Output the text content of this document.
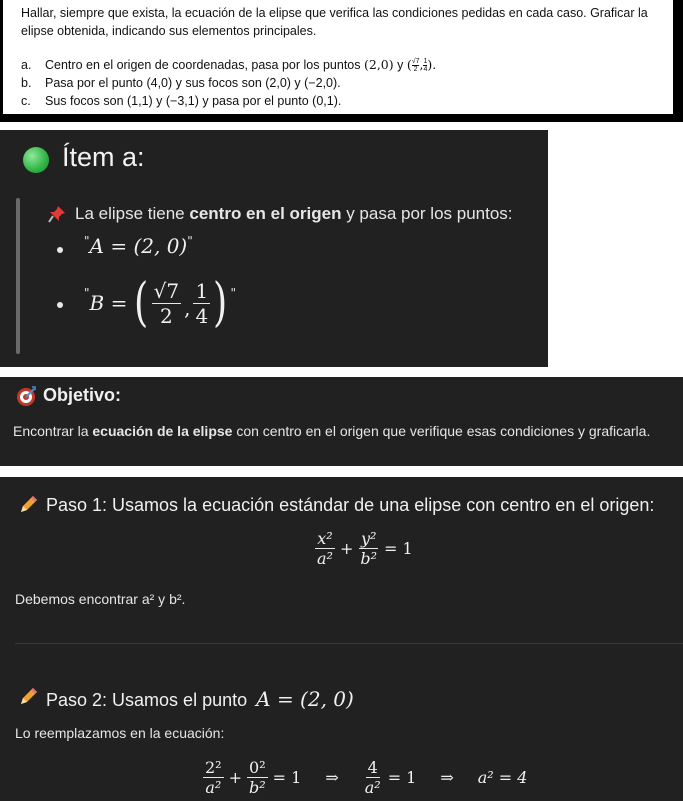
Hallar, siempre que exista, la ecuación de la elipse que verifica las condiciones pedidas en cada caso. Graficar la
elipse obtenida, indicando sus elementos principales.
a. Centro en el origen de coordenadas, pasa por los puntos (2,0) y ( $\frac{√7}{2}$ , $\frac{1}{4}$ ).
b. Pasa por el punto (4,0) y sus focos son (2,0) y (−2,0).
c. Sus focos son (1,1) y (−3,1) y pasa por el punto (0,1).
Ítem a:
La elipse tiene centro en el origen y pasa por los puntos:
"A = (2, 0)"
" B = ( $\frac{√7}{2}$ , $\frac{1}{4}$ ) "
Objetivo:
Encontrar la ecuación de la elipse con centro en el origen que verifique esas condiciones y graficarla.
Paso 1: Usamos la ecuación estándar de una elipse con centro en el origen:
$\frac{\text{x²}}{\text{a²}} + \frac{\text{y²}}{\text{b²}} = 1$
Debemos encontrar a² y b².
Paso 2: Usamos el punto A = (2, 0)
Lo reemplazamos en la ecuación:
$\frac{\text{2²}}{\text{a²}} + \frac{\text{0²}}{\text{b²}} = 1$ ⇒ $\frac{4}{\text{a²}} = 1$ ⇒ a² = 4
